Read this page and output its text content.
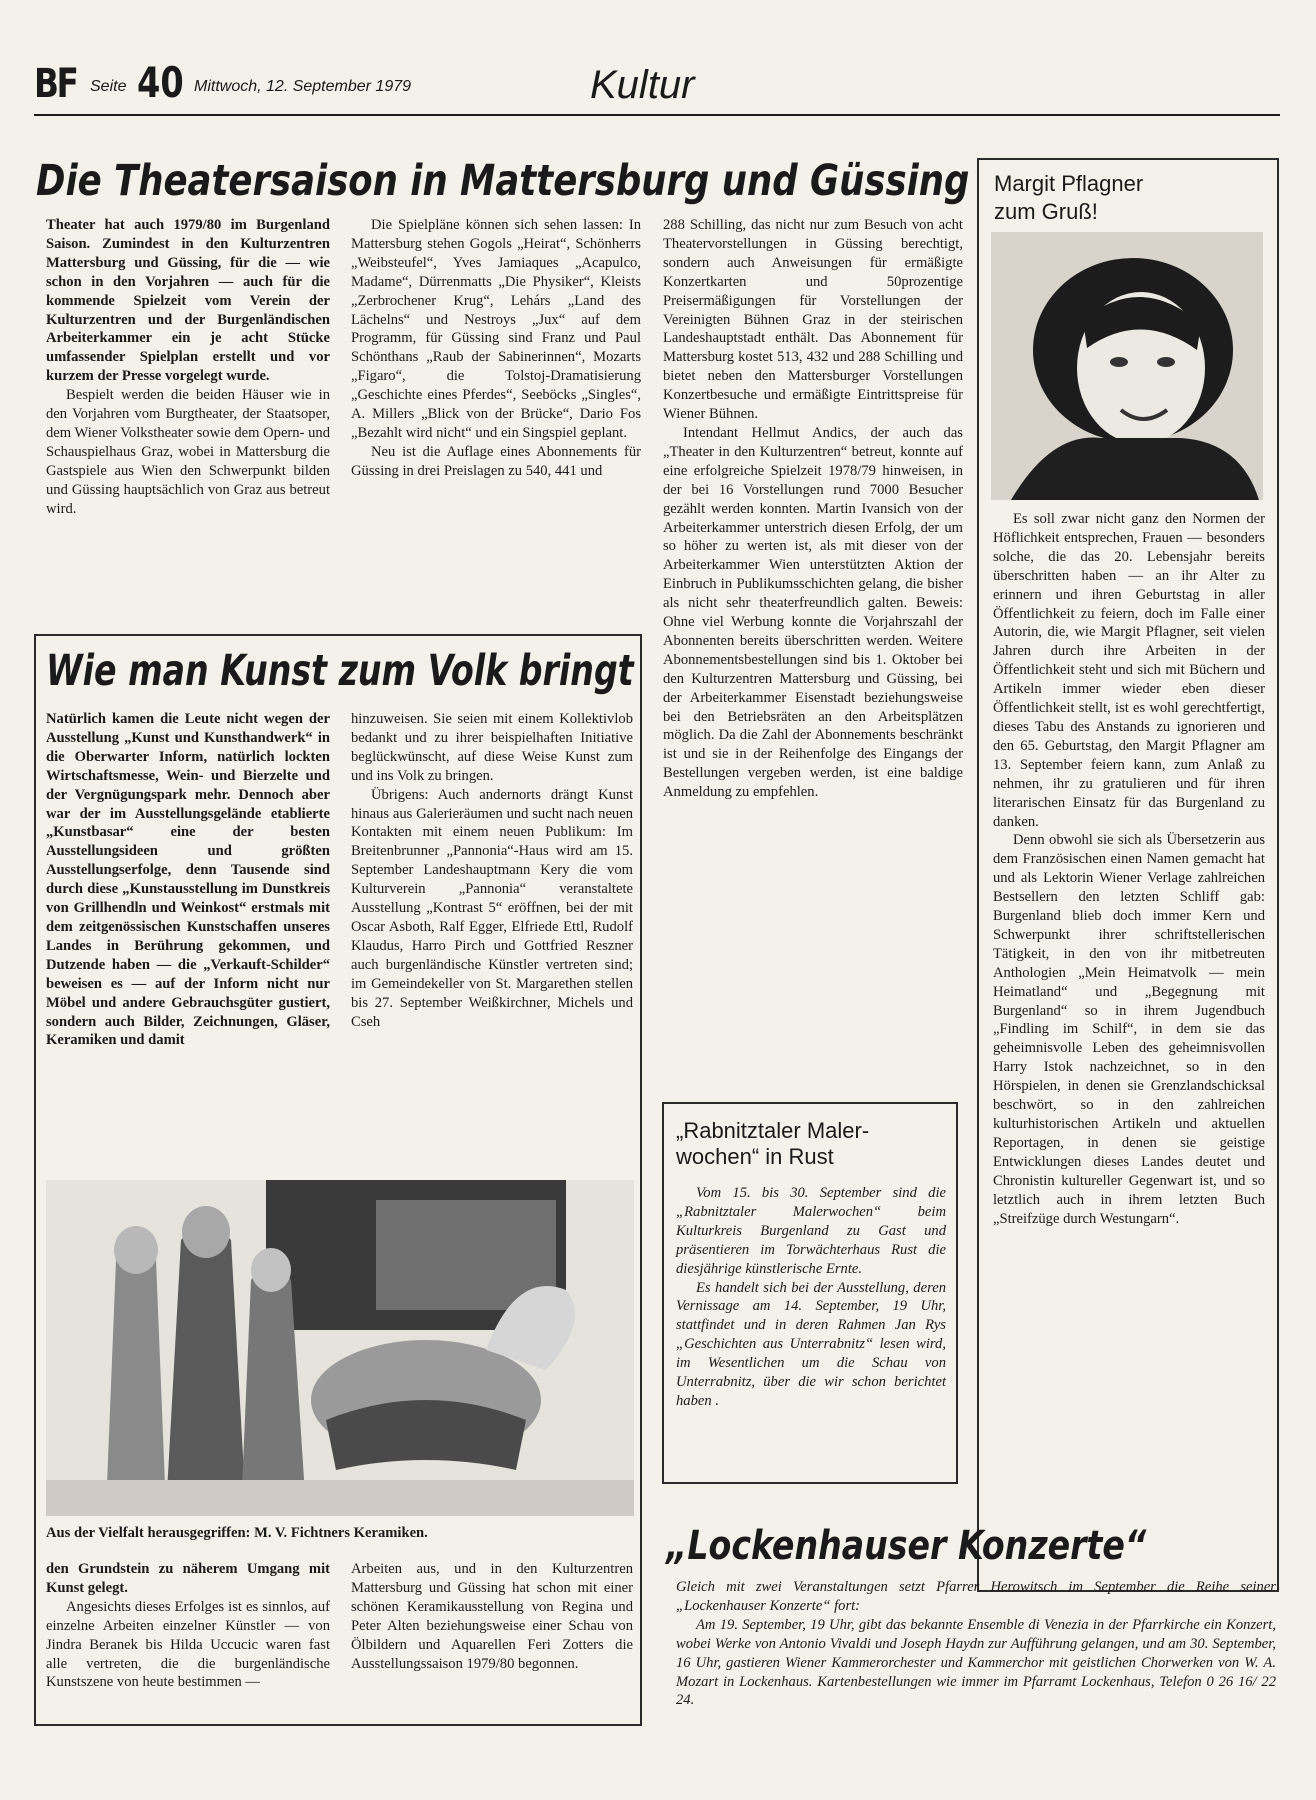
BF Seite 40 Mittwoch, 12. September 1979	Kultur
Die Theatersaison in Mattersburg und Güssing

Theater hat auch 1979/80 im Burgenland Saison. Zumindest in den Kulturzentren Mattersburg und Güssing, für die — wie schon in den Vorjahren — auch für die kommende Spielzeit vom Verein der Kulturzentren und der Burgenländischen Arbeiterkammer ein je acht Stücke umfassender Spielplan erstellt und vor kurzem der Presse vorgelegt wurde.

Bespielt werden die beiden Häuser wie in den Vorjahren vom Burgtheater, der Staatsoper, dem Wiener Volkstheater sowie dem Opern- und Schauspielhaus Graz, wobei in Mattersburg die Gastspiele aus Wien den Schwerpunkt bilden und Güssing hauptsächlich von Graz aus betreut wird.

Die Spielpläne können sich sehen lassen: In Mattersburg stehen Gogols „Heirat“, Schönherrs „Weibsteufel“, Yves Jamiaques „Acapulco, Madame“, Dürrenmatts „Die Physiker“, Kleists „Zerbrochener Krug“, Lehárs „Land des Lächelns“ und Nestroys „Jux“ auf dem Programm, für Güssing sind Franz und Paul Schönthans „Raub der Sabinerinnen“, Mozarts „Figaro“, die Tolstoj-Dramatisierung „Geschichte eines Pferdes“, Seeböcks „Singles“, A. Millers „Blick von der Brücke“, Dario Fos „Bezahlt wird nicht“ und ein Singspiel geplant.

Neu ist die Auflage eines Abonnements für Güssing in drei Preislagen zu 540, 441 und

288 Schilling, das nicht nur zum Besuch von acht Theatervorstellungen in Güssing berechtigt, sondern auch Anweisungen für ermäßigte Konzertkarten und 50prozentige Preisermäßigungen für Vorstellungen der Vereinigten Bühnen Graz in der steirischen Landeshauptstadt enthält. Das Abonnement für Mattersburg kostet 513, 432 und 288 Schilling und bietet neben den Mattersburger Vorstellungen Konzertbesuche und ermäßigte Eintrittspreise für Wiener Bühnen.

Intendant Hellmut Andics, der auch das „Theater in den Kulturzentren“ betreut, konnte auf eine erfolgreiche Spielzeit 1978/79 hinweisen, in der bei 16 Vorstellungen rund 7000 Besucher gezählt werden konnten. Martin Ivansich von der Arbeiterkammer unterstrich diesen Erfolg, der um so höher zu werten ist, als mit dieser von der Arbeiterkammer Wien unterstützten Aktion der Einbruch in Publikumsschichten gelang, die bisher als nicht sehr theaterfreundlich galten. Beweis: Ohne viel Werbung konnte die Vorjahrszahl der Abonnenten bereits überschritten werden. Weitere Abonnementsbestellungen sind bis 1. Oktober bei den Kulturzentren Mattersburg und Güssing, bei der Arbeiterkammer Eisenstadt beziehungsweise bei den Betriebsräten an den Arbeitsplätzen möglich. Da die Zahl der Abonnements beschränkt ist und sie in der Reihenfolge des Eingangs der Bestellungen vergeben werden, ist eine baldige Anmeldung zu empfehlen.

Margit Pflagner
zum Gruß!

Es soll zwar nicht ganz den Normen der Höflichkeit entsprechen, Frauen — besonders solche, die das 20. Lebensjahr bereits überschritten haben — an ihr Alter zu erinnern und ihren Geburtstag in aller Öffentlichkeit zu feiern, doch im Falle einer Autorin, die, wie Margit Pflagner, seit vielen Jahren durch ihre Arbeiten in der Öffentlichkeit steht und sich mit Büchern und Artikeln immer wieder eben dieser Öffentlichkeit stellt, ist es wohl gerechtfertigt, dieses Tabu des Anstands zu ignorieren und den 65. Geburtstag, den Margit Pflagner am 13. September feiern kann, zum Anlaß zu nehmen, ihr zu gratulieren und für ihren literarischen Einsatz für das Burgenland zu danken.

Denn obwohl sie sich als Übersetzerin aus dem Französischen einen Namen gemacht hat und als Lektorin Wiener Verlage zahlreichen Bestsellern den letzten Schliff gab: Burgenland blieb doch immer Kern und Schwerpunkt ihrer schriftstellerischen Tätigkeit, in den von ihr mitbetreuten Anthologien „Mein Heimatvolk — mein Heimatland“ und „Begegnung mit Burgenland“ so in ihrem Jugendbuch „Findling im Schilf“, in dem sie das geheimnisvolle Leben des geheimnisvollen Harry Istok nachzeichnet, so in den Hörspielen, in denen sie Grenzlandschicksal beschwört, so in den zahlreichen kulturhistorischen Artikeln und aktuellen Reportagen, in denen sie geistige Entwicklungen dieses Landes deutet und Chronistin kultureller Gegenwart ist, und so letztlich auch in ihrem letzten Buch „Streifzüge durch Westungarn“.

Wie man Kunst zum Volk bringt

Natürlich kamen die Leute nicht wegen der Ausstellung „Kunst und Kunsthandwerk“ in die Oberwarter Inform, natürlich lockten Wirtschaftsmesse, Wein- und Bierzelte und der Vergnügungspark mehr. Dennoch aber war der im Ausstellungsgelände etablierte „Kunstbasar“ eine der besten Ausstellungsideen und größten Ausstellungserfolge, denn Tausende sind durch diese „Kunstausstellung im Dunstkreis von Grillhendln und Weinkost“ erstmals mit dem zeitgenössischen Kunstschaffen unseres Landes in Berührung gekommen, und Dutzende haben — die „Verkauft-Schilder“ beweisen es — auf der Inform nicht nur Möbel und andere Gebrauchsgüter gustiert, sondern auch Bilder, Zeichnungen, Gläser, Keramiken und damit

hinzuweisen. Sie seien mit einem Kollektivlob bedankt und zu ihrer beispielhaften Initiative beglückwünscht, auf diese Weise Kunst zum und ins Volk zu bringen.

Übrigens: Auch andernorts drängt Kunst hinaus aus Galerieräumen und sucht nach neuen Kontakten mit einem neuen Publikum: Im Breitenbrunner „Pannonia“-Haus wird am 15. September Landeshauptmann Kery die vom Kulturverein „Pannonia“ veranstaltete Ausstellung „Kontrast 5“ eröffnen, bei der mit Oscar Asboth, Ralf Egger, Elfriede Ettl, Rudolf Klaudus, Harro Pirch und Gottfried Reszner auch burgenländische Künstler vertreten sind; im Gemeindekeller von St. Margarethen stellen bis 27. September Weißkirchner, Michels und Cseh

Aus der Vielfalt herausgegriffen: M. V. Fichtners Keramiken.

den Grundstein zu näherem Umgang mit Kunst gelegt.

Angesichts dieses Erfolges ist es sinnlos, auf einzelne Arbeiten einzelner Künstler — von Jindra Beranek bis Hilda Uccucic waren fast alle vertreten, die die burgenländische Kunstszene von heute bestimmen —

Arbeiten aus, und in den Kulturzentren Mattersburg und Güssing hat schon mit einer schönen Keramikausstellung von Regina und Peter Alten beziehungsweise einer Schau von Ölbildern und Aquarellen Feri Zotters die Ausstellungssaison 1979/80 begonnen.

„Rabnitztaler Maler-
wochen“ in Rust

Vom 15. bis 30. September sind die „Rabnitztaler Malerwochen“ beim Kulturkreis Burgenland zu Gast und präsentieren im Torwächterhaus Rust die diesjährige künstlerische Ernte.

Es handelt sich bei der Ausstellung, deren Vernissage am 14. September, 19 Uhr, stattfindet und in deren Rahmen Jan Rys „Geschichten aus Unterrabnitz“ lesen wird, im Wesentlichen um die Schau von Unterrabnitz, über die wir schon berichtet haben .

„Lockenhauser Konzerte“

Gleich mit zwei Veranstaltungen setzt Pfarrer Herowitsch im September die Reihe seiner „Lockenhauser Konzerte“ fort:

Am 19. September, 19 Uhr, gibt das bekannte Ensemble di Venezia in der Pfarrkirche ein Konzert, wobei Werke von Antonio Vivaldi und Joseph Haydn zur Aufführung gelangen, und am 30. September, 16 Uhr, gastieren Wiener Kammerorchester und Kammerchor mit geistlichen Chorwerken von W. A. Mozart in Lockenhaus. Kartenbestellungen wie immer im Pfarramt Lockenhaus, Telefon 0 26 16/ 22 24.
